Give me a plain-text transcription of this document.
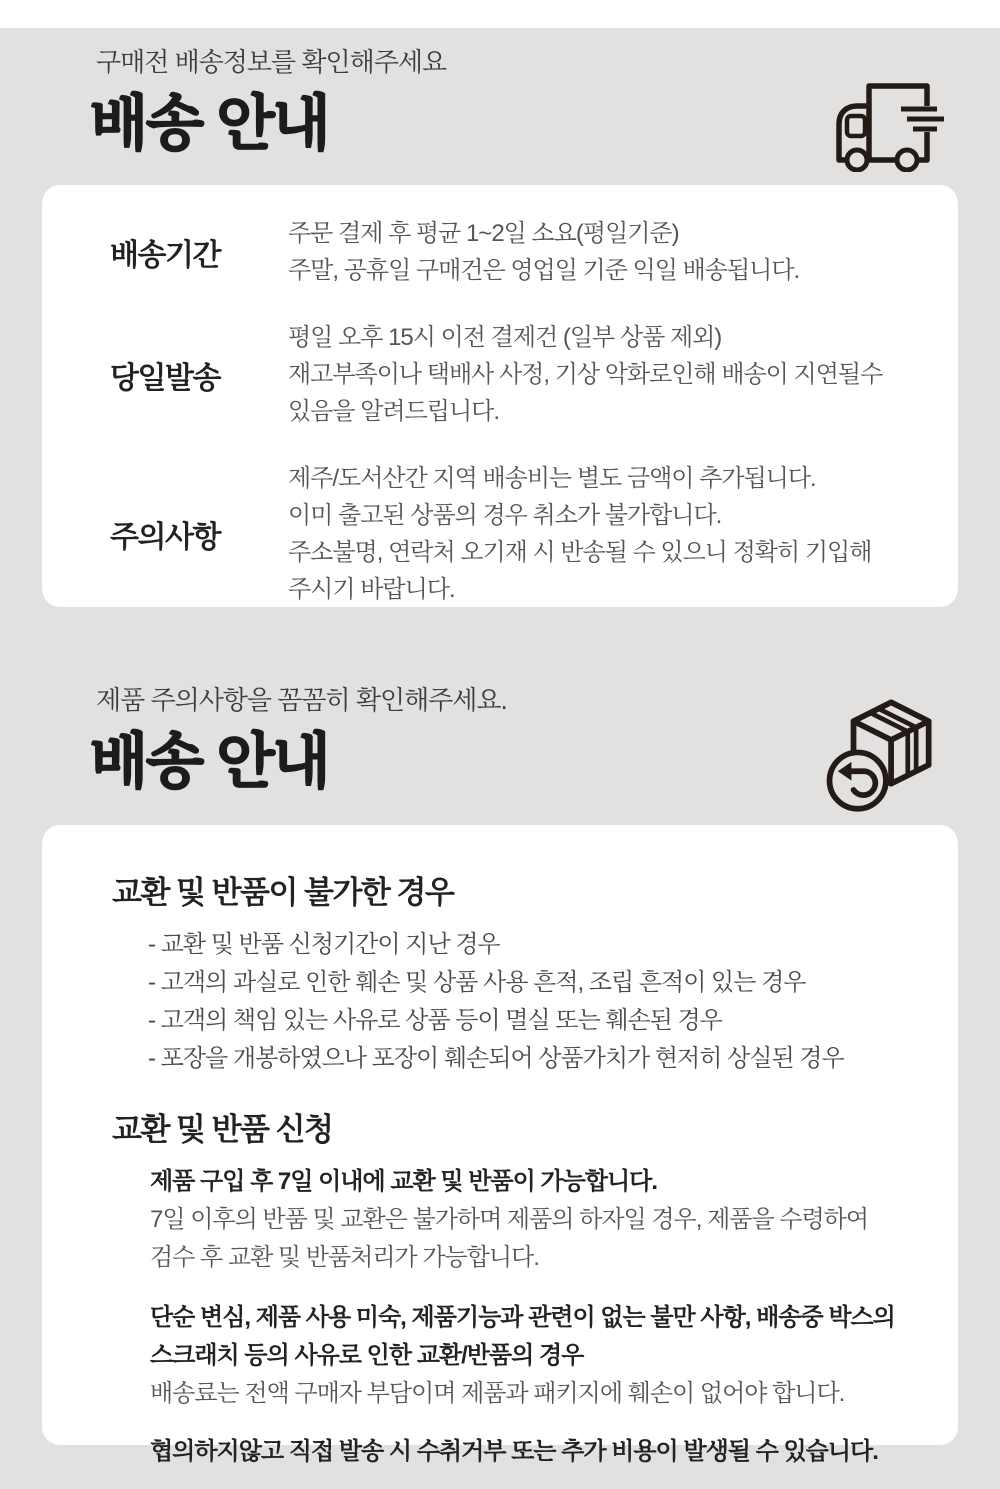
구매전 배송정보를 확인해주세요
배송 안내
배송기간
주문 결제 후 평균 1~2일 소요(평일기준)
주말, 공휴일 구매건은 영업일 기준 익일 배송됩니다.
당일발송
평일 오후 15시 이전 결제건 (일부 상품 제외)
재고부족이나 택배사 사정, 기상 악화로인해 배송이 지연될수
있음을 알려드립니다.
주의사항
제주/도서산간 지역 배송비는 별도 금액이 추가됩니다.
이미 출고된 상품의 경우 취소가 불가합니다.
주소불명, 연락처 오기재 시 반송될 수 있으니 정확히 기입해
주시기 바랍니다.
제품 주의사항을 꼼꼼히 확인해주세요.
배송 안내
교환 및 반품이 불가한 경우
- 교환 및 반품 신청기간이 지난 경우
- 고객의 과실로 인한 훼손 및 상품 사용 흔적, 조립 흔적이 있는 경우
- 고객의 책임 있는 사유로 상품 등이 멸실 또는 훼손된 경우
- 포장을 개봉하였으나 포장이 훼손되어 상품가치가 현저히 상실된 경우
교환 및 반품 신청
제품 구입 후 7일 이내에 교환 및 반품이 가능합니다.
7일 이후의 반품 및 교환은 불가하며 제품의 하자일 경우, 제품을 수령하여
검수 후 교환 및 반품처리가 가능합니다.
단순 변심, 제품 사용 미숙, 제품기능과 관련이 없는 불만 사항, 배송중 박스의
스크래치 등의 사유로 인한 교환/반품의 경우
배송료는 전액 구매자 부담이며 제품과 패키지에 훼손이 없어야 합니다.
협의하지않고 직접 발송 시 수취거부 또는 추가 비용이 발생될 수 있습니다.
